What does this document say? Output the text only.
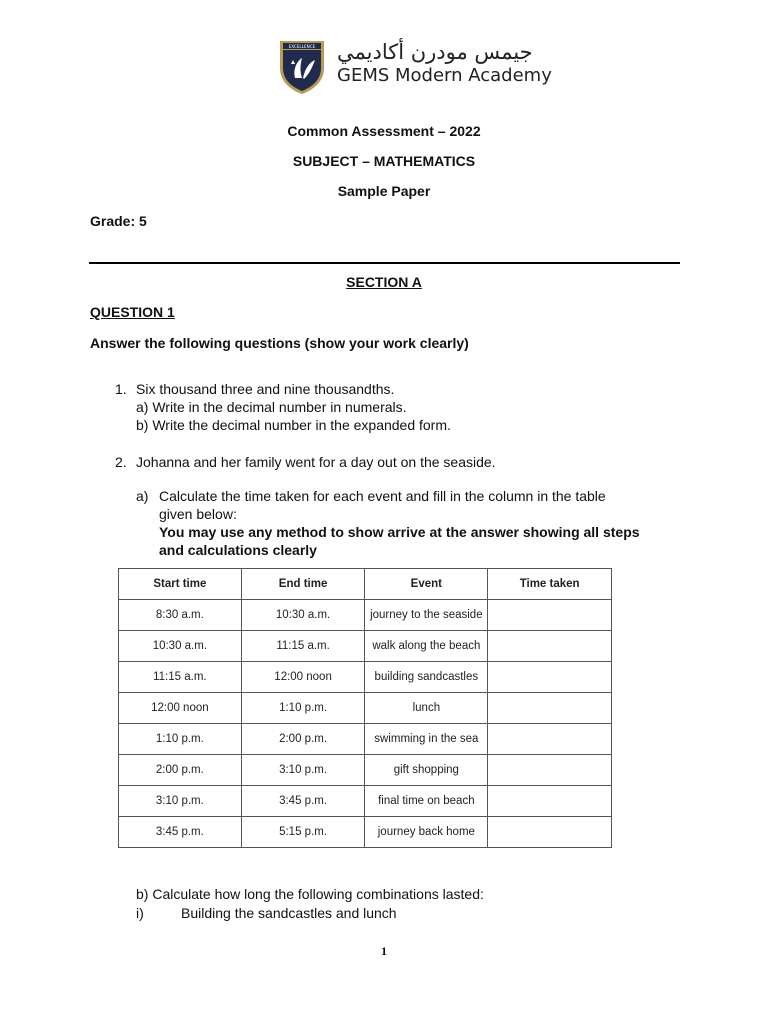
EXCELLENCE جيمس مودرن أكاديمي
GEMS Modern Academy
Common Assessment – 2022
SUBJECT – MATHEMATICS
Sample Paper
Grade: 5
SECTION A
QUESTION 1
Answer the following questions (show your work clearly)
1. Six thousand three and nine thousandths.
a) Write in the decimal number in numerals.
b) Write the decimal number in the expanded form.
2. Johanna and her family went for a day out on the seaside.
a) Calculate the time taken for each event and fill in the column in the table
given below:
You may use any method to show arrive at the answer showing all steps
and calculations clearly
Start time	End time	Event	Time taken
8:30 a.m.	10:30 a.m.	journey to the seaside	
10:30 a.m.	11:15 a.m.	walk along the beach	
11:15 a.m.	12:00 noon	building sandcastles	
12:00 noon	1:10 p.m.	lunch	
1:10 p.m.	2:00 p.m.	swimming in the sea	
2:00 p.m.	3:10 p.m.	gift shopping	
3:10 p.m.	3:45 p.m.	final time on beach	
3:45 p.m.	5:15 p.m.	journey back home	
b) Calculate how long the following combinations lasted:
i)	Building the sandcastles and lunch
1
